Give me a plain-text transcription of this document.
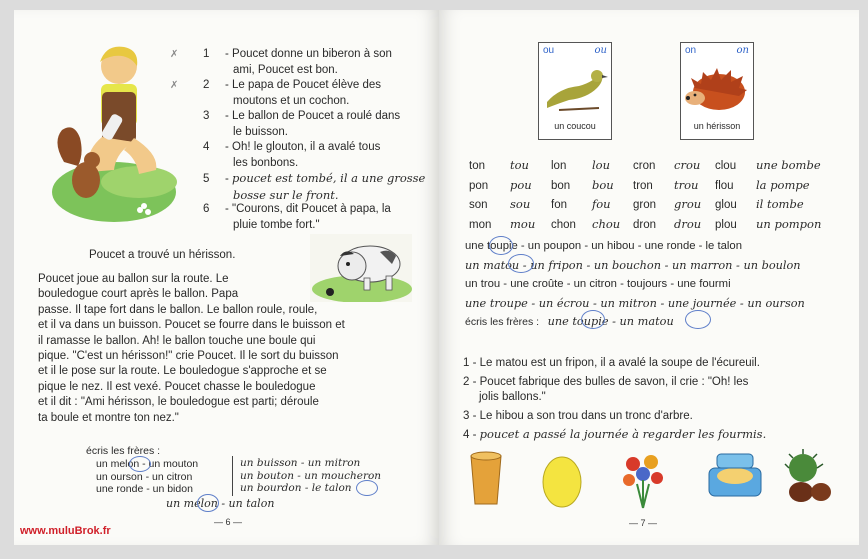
✗
✗
1 - Poucet donne un biberon à son
ami, Poucet est bon.
2 - Le papa de Poucet élève des
moutons et un cochon.
3 - Le ballon de Poucet a roulé dans
le buisson.
4 - Oh! le glouton, il a avalé tous
les bonbons.
5 - poucet est tombé, il a une grosse
bosse sur le front.
6 - "Courons, dit Poucet à papa, la
pluie tombe fort."
Poucet a trouvé un hérisson.

Poucet joue au ballon sur la route. Le

bouledogue court après le ballon. Papa

passe. Il tape fort dans le ballon. Le ballon roule, roule,

et il va dans un buisson. Poucet se fourre dans le buisson et

il ramasse le ballon. Ah! le ballon touche une boule qui

pique. "C'est un hérisson!" crie Poucet. Il le sort du buisson

et il le pose sur la route. Le bouledogue s'approche et se

pique le nez. Il est vexé. Poucet chasse le bouledogue

et il dit : "Ami hérisson, le bouledogue est parti; déroule

ta boule et montre ton nez."

écris les frères :
un melon - un mouton
un ourson - un citron
une ronde - un bidon
un buisson - un mitron
un bouton - un moucheron
un bourdon - le talon
un melon - un talon
— 6 —
www.muluBrok.fr
ou	ou
un coucou
on	on
un hérisson
ton tou lon lou cron crou clou une bombe
pon pou bon bou tron trou flou la pompe
son sou fon fou gron grou glou il tombe
mon mou chon chou dron drou plou un pompon
une toupie - un poupon - un hibou - une ronde - le talon
un matou - un fripon - un bouchon - un marron - un boulon
un trou - une croûte - un citron - toujours - une fourmi
une troupe - un écrou - un mitron - une journée - un ourson
écris les frères : une toupie - un matou
1 - Le matou est un fripon, il a avalé la soupe de l'écureuil.
2 - Poucet fabrique des bulles de savon, il crie : "Oh! les
jolis ballons."
3 - Le hibou a son trou dans un tronc d'arbre.
4 - poucet a passé la journée à regarder les fourmis.
— 7 —
